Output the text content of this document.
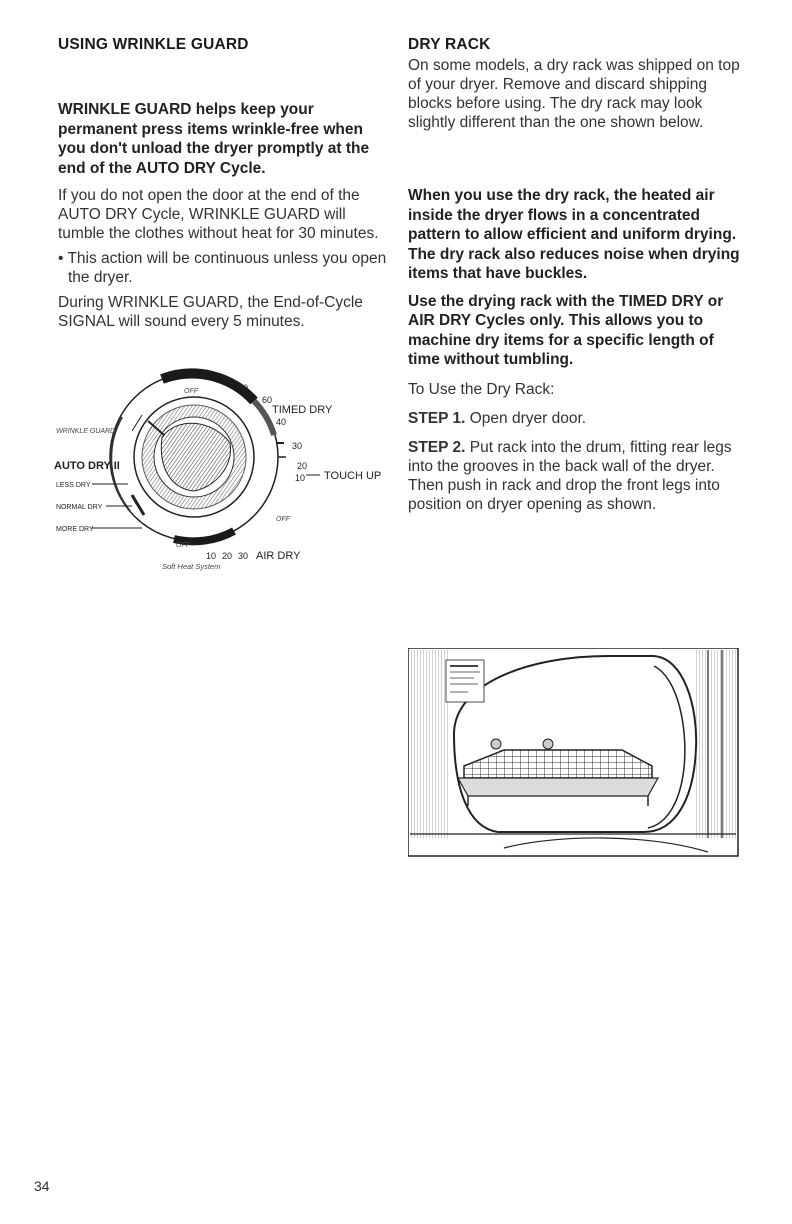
USING WRINKLE GUARD

WRINKLE GUARD helps keep your permanent press items wrinkle-free when you don't unload the dryer promptly at the end of the AUTO DRY Cycle.

If you do not open the door at the end of the AUTO DRY Cycle, WRINKLE GUARD will tumble the clothes without heat for 30 minutes.

• This action will be continuous unless you open the dryer.

During WRINKLE GUARD, the End-of-Cycle SIGNAL will sound every 5 minutes.

70
60
60
40
30
20
10
OFF
OFF
OFF
TIMED DRY
TOUCH UP
10 20 30 AIR DRY
WRINKLE GUARD
AUTO DRY II
LESS DRY
NORMAL DRY
MORE DRY
Soft Heat System
DRY RACK

On some models, a dry rack was shipped on top of your dryer. Remove and discard shipping blocks before using. The dry rack may look slightly different than the one shown below.

When you use the dry rack, the heated air inside the dryer flows in a concentrated pattern to allow efficient and uniform drying. The dry rack also reduces noise when drying items that have buckles.

Use the drying rack with the TIMED DRY or AIR DRY Cycles only. This allows you to machine dry items for a specific length of time without tumbling.

To Use the Dry Rack:

STEP 1. Open dryer door.

STEP 2. Put rack into the drum, fitting rear legs into the grooves in the back wall of the dryer. Then push in rack and drop the front legs into position on dryer opening as shown.

34
